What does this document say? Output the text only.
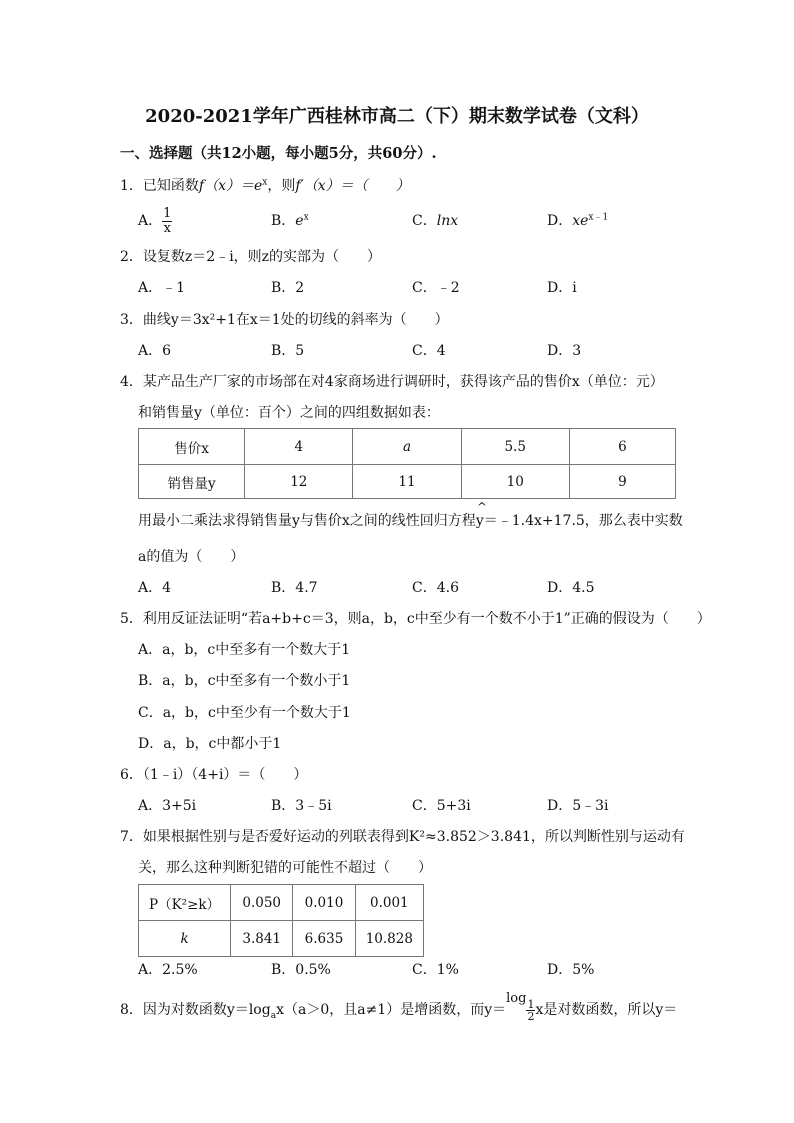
2020-2021学年广西桂林市高二（下）期末数学试卷（文科）
一、选择题（共12小题，每小题5分，共60分）.
1．已知函数$f(x)=e^x$，则f′（x）＝（　　）
A． $\frac{1}{x}$	B．$e^x$	C．lnx	D．$xe^{x﹣1}$
2．设复数z＝2﹣i，则z的实部为（　　）
A．﹣1	B．2	C．﹣2	D．i
3．曲线y＝3x²+1在x＝1处的切线的斜率为（　　）
A．6	B．5	C．4	D．3
4．某产品生产厂家的市场部在对4家商场进行调研时，获得该产品的售价x（单位：元）
和销售量y（单位：百个）之间的四组数据如表：
售价x	4	a	5.5	6
销售量y	12	11	10	9
用最小二乘法求得销售量y与售价x之间的线性回归方程
^
y＝﹣1.4x+17.5，那么表中实数
a的值为（　　）
A．4	B．4.7	C．4.6	D．4.5
5．利用反证法证明“若a+b+c＝3，则a，b，c中至少有一个数不小于1”正确的假设为（　　）
A．a，b，c中至多有一个数大于1
B．a，b，c中至多有一个数小于1
C．a，b，c中至少有一个数大于1
D．a，b，c中都小于1
6．（1﹣i）（4+i）＝（　　）
A．3+5i	B．3﹣5i	C．5+3i	D．5﹣3i
7．如果根据性别与是否爱好运动的列联表得到K²≈3.852＞3.841，所以判断性别与运动有
关，那么这种判断犯错的可能性不超过（　　）
P（K²≥k）	0.050	0.010	0.001
k	3.841	6.635	10.828
A．2.5%	B．0.5%	C．1%	D．5%
8．因为对数函数$y=\log_ax(a>0$，且a≠1）是增函数，而$y=\log \frac{1}{2}$ x是对数函数，所以y＝
